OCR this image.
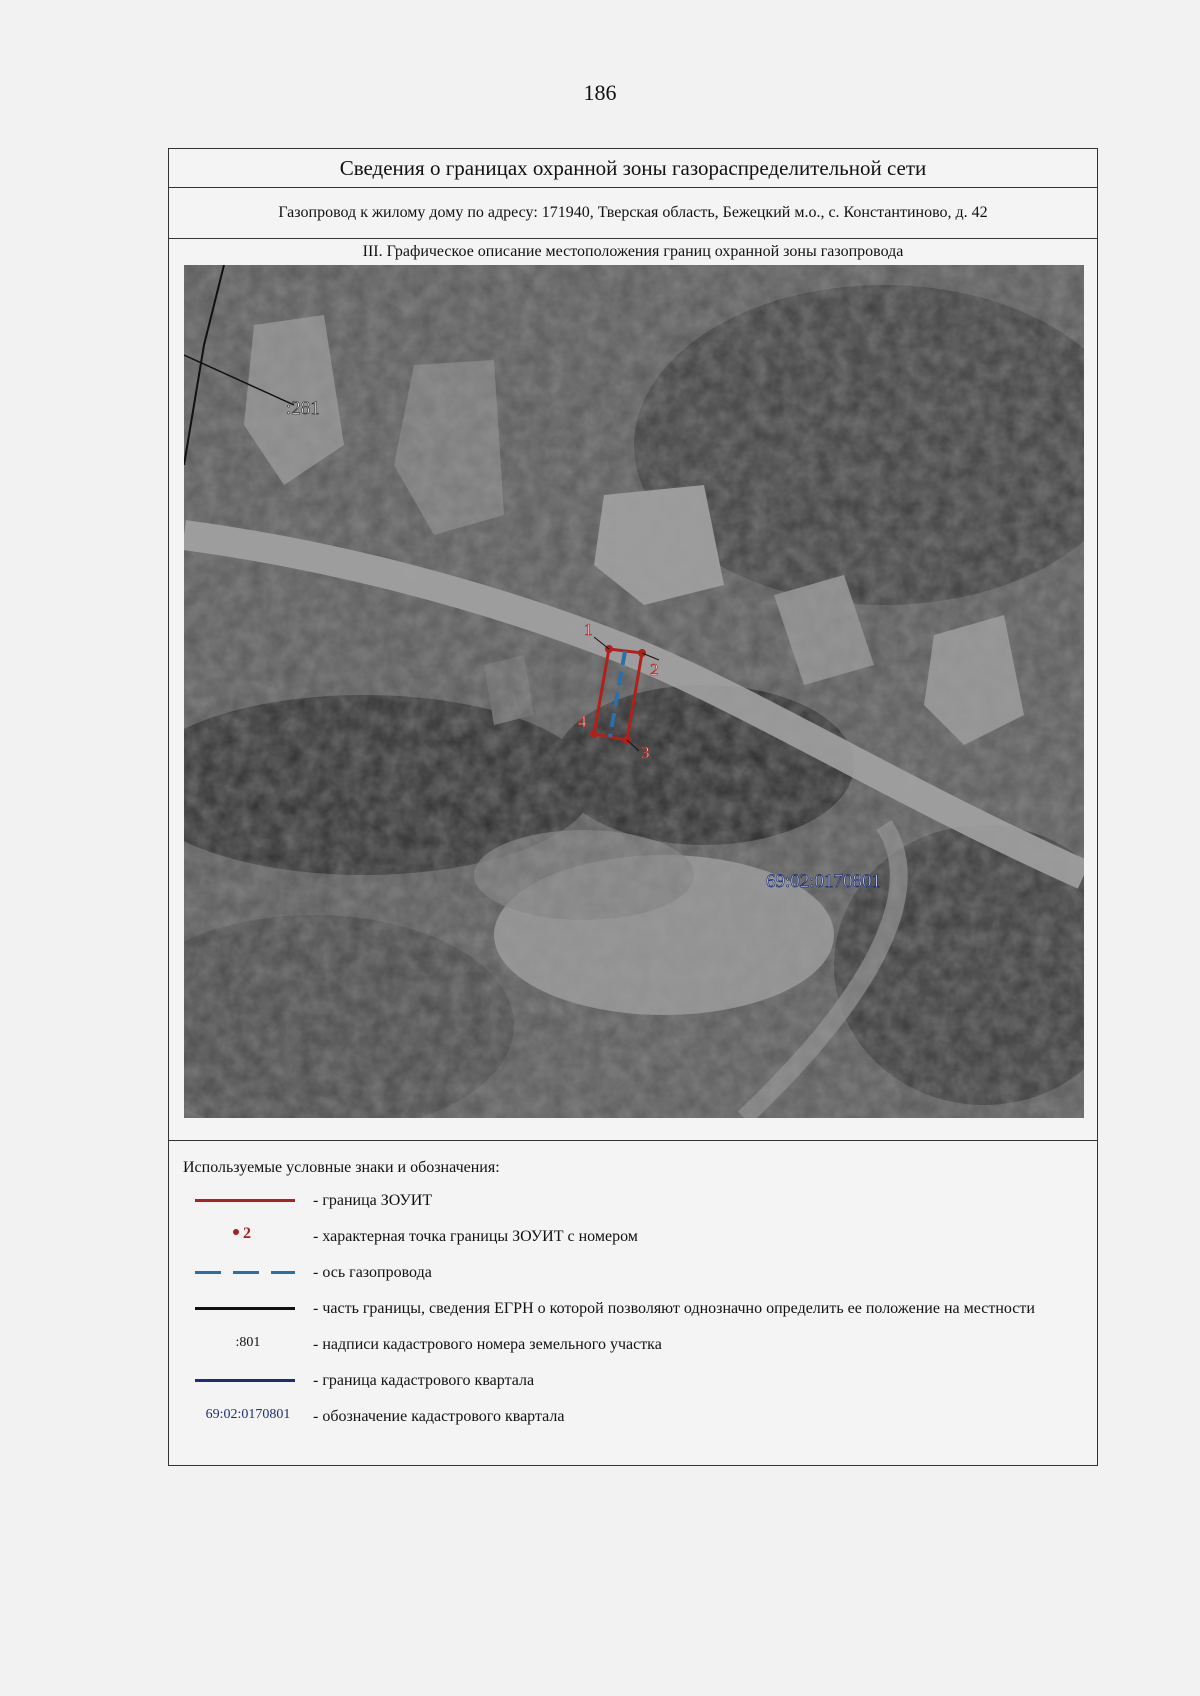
186
Сведения о границах охранной зоны газораспределительной сети
Газопровод к жилому дому по адресу: 171940, Тверская область, Бежецкий м.о., с. Константиново, д. 42
III. Графическое описание местоположения границ охранной зоны газопровода
:281
69:02:0170801
1
2
3
4
Используемые условные знаки и обозначения:
- граница ЗОУИТ
2	- характерная точка границы ЗОУИТ с номером
- ось газопровода
- часть границы, сведения ЕГРН о которой позволяют однозначно определить ее положение на местности
:801	- надписи кадастрового номера земельного участка
- граница кадастрового квартала
69:02:0170801	- обозначение кадастрового квартала
